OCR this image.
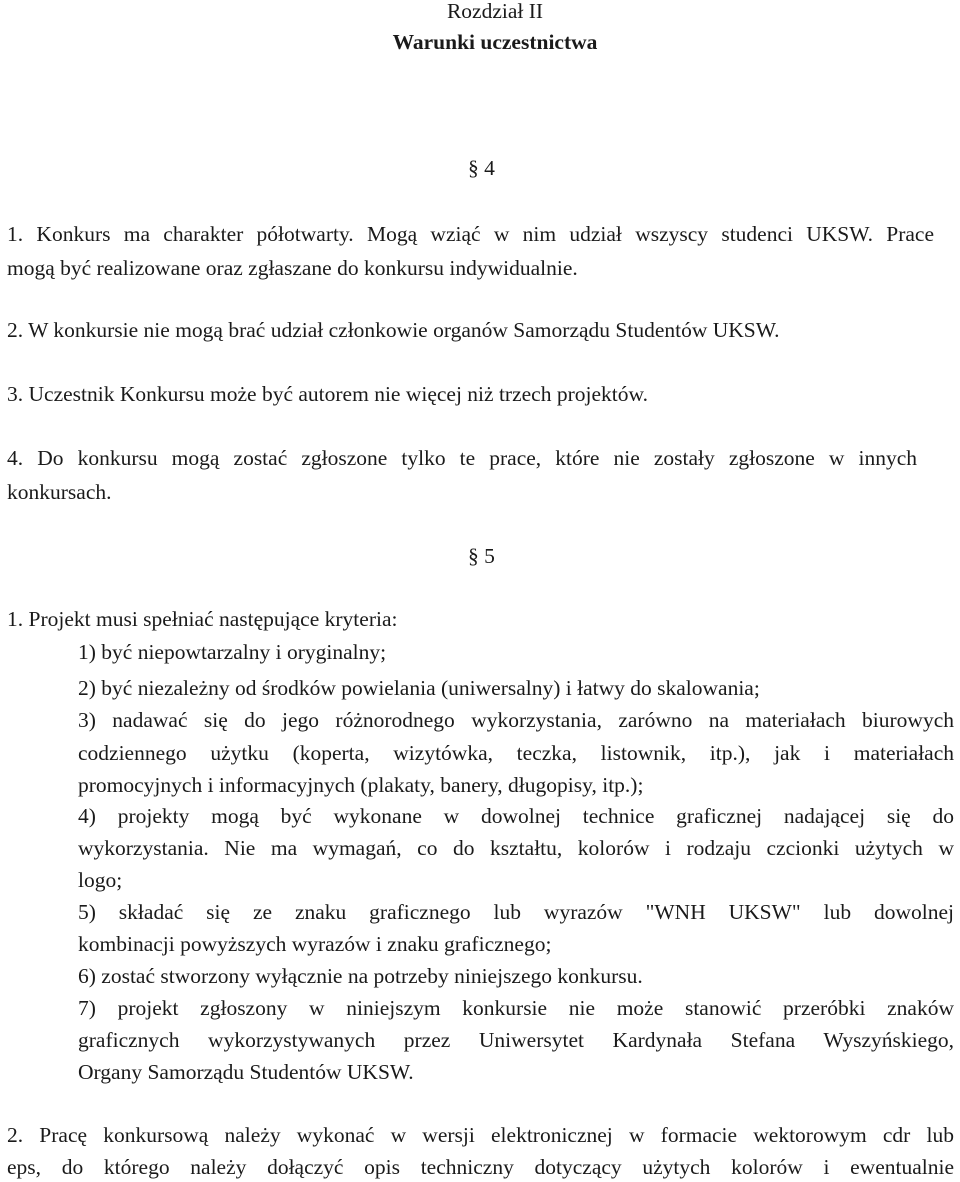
Rozdział II
Warunki uczestnictwa
§ 4
1. Konkurs ma charakter półotwarty. Mogą wziąć w nim udział wszyscy studenci UKSW. Prace
mogą być realizowane oraz zgłaszane do konkursu indywidualnie.
2. W konkursie nie mogą brać udział członkowie organów Samorządu Studentów UKSW.
3. Uczestnik Konkursu może być autorem nie więcej niż trzech projektów.
4. Do konkursu mogą zostać zgłoszone tylko te prace, które nie zostały zgłoszone w innych
konkursach.
§ 5
1. Projekt musi spełniać następujące kryteria:
1) być niepowtarzalny i oryginalny;
2) być niezależny od środków powielania (uniwersalny) i łatwy do skalowania;
3) nadawać się do jego różnorodnego wykorzystania, zarówno na materiałach biurowych
codziennego użytku (koperta, wizytówka, teczka, listownik, itp.), jak i materiałach
promocyjnych i informacyjnych (plakaty, banery, długopisy, itp.);
4) projekty mogą być wykonane w dowolnej technice graficznej nadającej się do
wykorzystania. Nie ma wymagań, co do kształtu, kolorów i rodzaju czcionki użytych w
logo;
5) składać się ze znaku graficznego lub wyrazów "WNH UKSW" lub dowolnej
kombinacji powyższych wyrazów i znaku graficznego;
6) zostać stworzony wyłącznie na potrzeby niniejszego konkursu.
7) projekt zgłoszony w niniejszym konkursie nie może stanowić przeróbki znaków
graficznych wykorzystywanych przez Uniwersytet Kardynała Stefana Wyszyńskiego,
Organy Samorządu Studentów UKSW.
2. Pracę konkursową należy wykonać w wersji elektronicznej w formacie wektorowym cdr lub
eps, do którego należy dołączyć opis techniczny dotyczący użytych kolorów i ewentualnie
